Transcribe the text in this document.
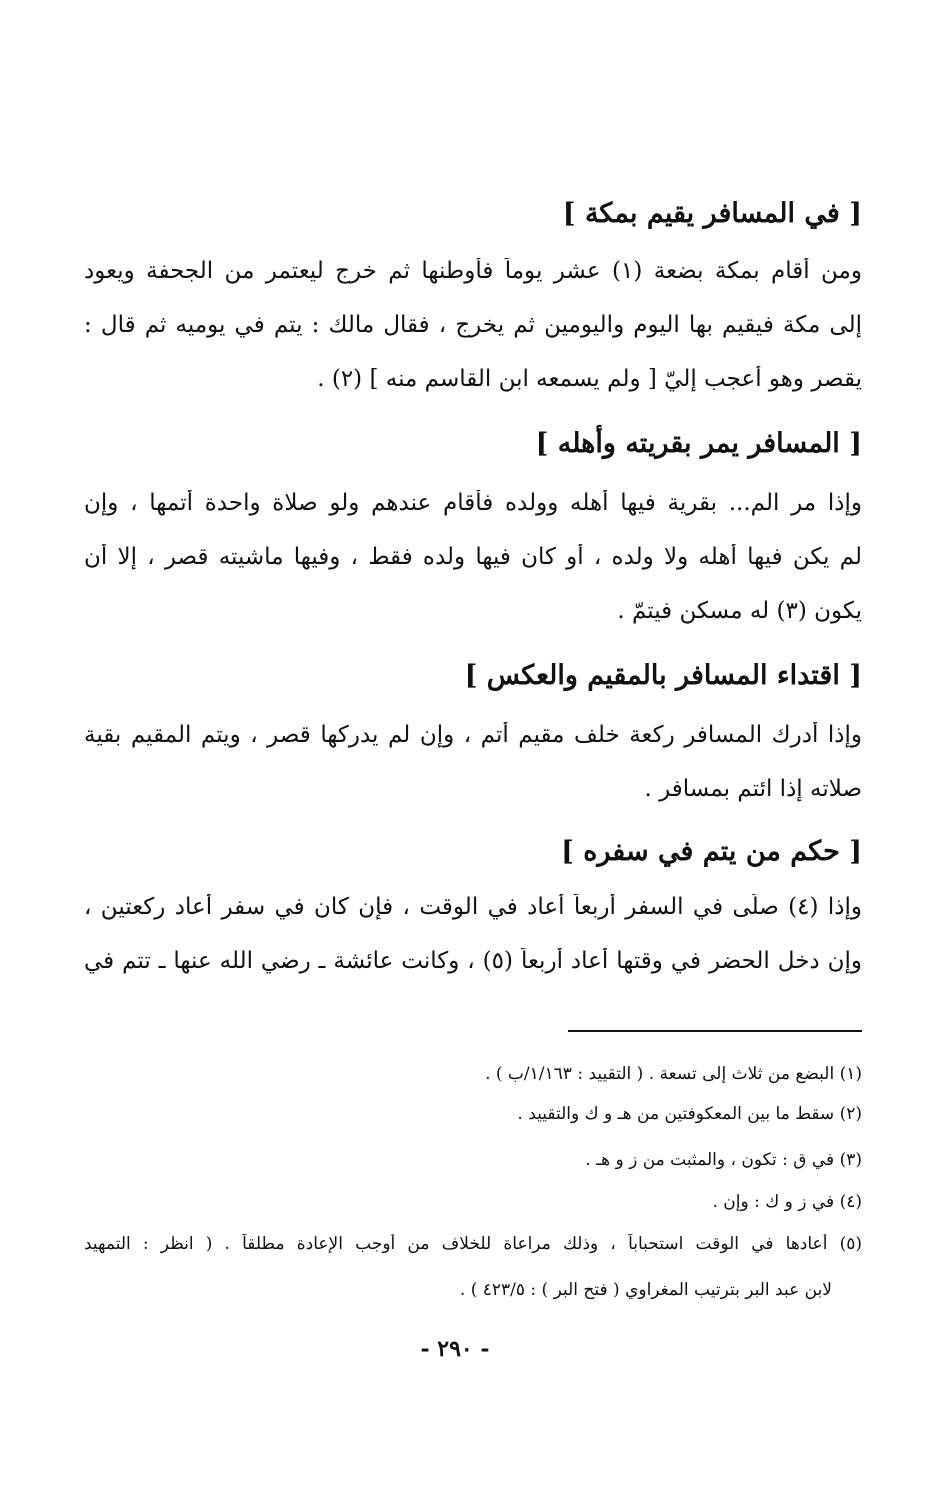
[ في المسافر يقيم بمكة ]
ومن أقام بمكة بضعة (١) عشر يوماً فأوطنها ثم خرج ليعتمر من الجحفة ويعود
إلى مكة فيقيم بها اليوم واليومين ثم يخرج ، فقال مالك : يتم في يوميه ثم قال :
يقصر وهو أعجب إليّ [ ولم يسمعه ابن القاسم منه ] (٢) .
[ المسافر يمر بقريته وأهله ]
وإذا مر الم... بقرية فيها أهله وولده فأقام عندهم ولو صلاة واحدة أتمها ، وإن
لم يكن فيها أهله ولا ولده ، أو كان فيها ولده فقط ، وفيها ماشيته قصر ، إلا أن
يكون (٣) له مسكن فيتمّ .
[ اقتداء المسافر بالمقيم والعكس ]
وإذا أدرك المسافر ركعة خلف مقيم أتم ، وإن لم يدركها قصر ، ويتم المقيم بقية
صلاته إذا ائتم بمسافر .
[ حكم من يتم في سفره ]
وإذا (٤) صلّى في السفر أربعاً أعاد في الوقت ، فإن كان في سفر أعاد ركعتين ،
وإن دخل الحضر في وقتها أعاد أربعاً (٥) ، وكانت عائشة ـ رضي الله عنها ـ تتم في
(١) البضع من ثلاث إلى تسعة . ( التقييد : ١/١٦٣/ب ) .
(٢) سقط ما بين المعكوفتين من هـ و ك والتقييد .
(٣) في ق : تكون ، والمثبت من ز و هـ .
(٤) في ز و ك : وإن .
(٥) أعادها في الوقت استحباباً ، وذلك مراعاة للخلاف من أوجب الإعادة مطلقاً . ( انظر : التمهيد
لابن عبد البر بترتيب المغراوي ( فتح البر ) : ٤٢٣/٥ ) .
- ٢٩٠ -
